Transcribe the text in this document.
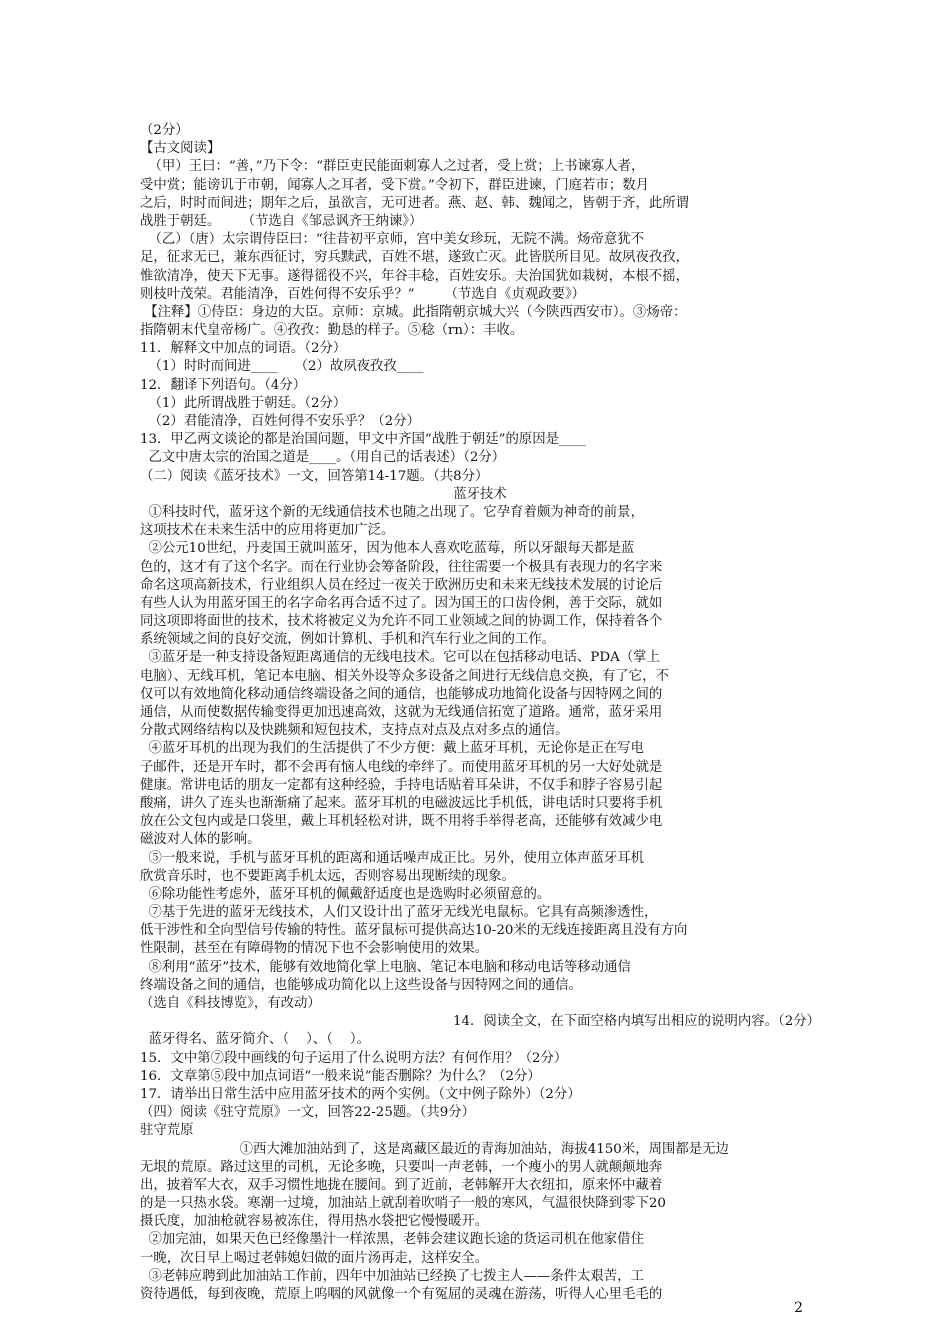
（2分）
【古文阅读】
（甲）王曰：“善，”乃下令：“群臣吏民能面刺寡人之过者，受上赏；上书谏寡人者，
受中赏；能谤讥于市朝，闻寡人之耳者，受下赏。”令初下，群臣进谏，门庭若市；数月
之后，时时而间进；期年之后，虽欲言，无可进者。燕、赵、韩、魏闻之，皆朝于齐，此所谓
战胜于朝廷。     （节选自《邹忌讽齐王纳谏》）
（乙）（唐）太宗谓侍臣曰：“往昔初平京师，宫中美女珍玩，无院不满。炀帝意犹不
足，征求无已，兼东西征讨，穷兵黩武，百姓不堪，遂致亡灭。此皆朕所目见。故夙夜孜孜，
惟欲清净，使天下无事。遂得徭役不兴，年谷丰稔，百姓安乐。夫治国犹如栽树，本根不摇，
则枝叶茂荣。君能清净，百姓何得不安乐乎？”       （节选自《贞观政要》）
【注释】①侍臣：身边的大臣。京师：京城。此指隋朝京城大兴（今陕西西安市）。③炀帝：
指隋朝末代皇帝杨广。④孜孜：勤恳的样子。⑤稔（rn）：丰收。
11．解释文中加点的词语。（2分）
（1）时时而间进____    （2）故夙夜孜孜____
12．翻译下列语句。（4分）
（1）此所谓战胜于朝廷。（2分）
（2）君能清净，百姓何得不安乐乎？（2分）
13．甲乙两文谈论的都是治国问题，甲文中齐国“战胜于朝廷”的原因是____
乙文中唐太宗的治国之道是____。（用自己的话表述）（2分）
（二）阅读《蓝牙技术》一文，回答第14-17题。（共8分）
蓝牙技术
①科技时代，蓝牙这个新的无线通信技术也随之出现了。它孕育着颇为神奇的前景，
这项技术在未来生活中的应用将更加广泛。
②公元10世纪，丹麦国王就叫蓝牙，因为他本人喜欢吃蓝莓，所以牙龈每天都是蓝
色的，这才有了这个名字。而在行业协会筹备阶段，往往需要一个极具有表现力的名字来
命名这项高新技术，行业组织人员在经过一夜关于欧洲历史和未来无线技术发展的讨论后
有些人认为用蓝牙国王的名字命名再合适不过了。因为国王的口齿伶俐，善于交际，就如
同这项即将面世的技术，技术将被定义为允许不同工业领域之间的协调工作，保持着各个
系统领域之间的良好交流，例如计算机、手机和汽车行业之间的工作。
③蓝牙是一种支持设备短距离通信的无线电技术。它可以在包括移动电话、PDA（掌上
电脑）、无线耳机，笔记本电脑、相关外设等众多设备之间进行无线信息交换，有了它，不
仅可以有效地简化移动通信终端设备之间的通信，也能够成功地简化设备与因特网之间的
通信，从而使数据传输变得更加迅速高效，这就为无线通信拓宽了道路。通常，蓝牙采用
分散式网络结构以及快跳频和短包技术，支持点对点及点对多点的通信。
④蓝牙耳机的出现为我们的生活提供了不少方便：戴上蓝牙耳机，无论你是正在写电
子邮件，还是开车时，都不会再有恼人电线的牵绊了。而使用蓝牙耳机的另一大好处就是
健康。常讲电话的朋友一定都有这种经验，手持电话贴着耳朵讲，不仅手和脖子容易引起
酸痛，讲久了连头也渐渐痛了起来。蓝牙耳机的电磁波远比手机低，讲电话时只要将手机
放在公文包内或是口袋里，戴上耳机轻松对讲，既不用将手举得老高，还能够有效减少电
磁波对人体的影响。
⑤一般来说，手机与蓝牙耳机的距离和通话噪声成正比。另外，使用立体声蓝牙耳机
欣赏音乐时，也不要距离手机太远，否则容易出现断续的现象。
⑥除功能性考虑外，蓝牙耳机的佩戴舒适度也是选购时必须留意的。
⑦基于先进的蓝牙无线技术，人们又设计出了蓝牙无线光电鼠标。它具有高频渗透性，
低干涉性和全向型信号传输的特性。蓝牙鼠标可提供高达10-20米的无线连接距离且没有方向
性限制，甚至在有障碍物的情况下也不会影响使用的效果。
⑧利用“蓝牙”技术，能够有效地简化掌上电脑、笔记本电脑和移动电话等移动通信
终端设备之间的通信，也能够成功简化以上这些设备与因特网之间的通信。
（选自《科技博览》，有改动）
14．阅读全文，在下面空格内填写出相应的说明内容。（2分）
蓝牙得名、蓝牙简介、（    ）、（    ）。
15．文中第⑦段中画线的句子运用了什么说明方法？有何作用？（2分）
16．文章第⑤段中加点词语“一般来说”能否删除？为什么？（2分）
17．请举出日常生活中应用蓝牙技术的两个实例。（文中例子除外）（2分）
（四）阅读《驻守荒原》一文，回答22-25题。（共9分）
驻守荒原
①西大滩加油站到了，这是离藏区最近的青海加油站，海拔4150米，周围都是无边
无垠的荒原。路过这里的司机，无论多晚，只要叫一声老韩，一个瘦小的男人就颠颠地奔
出，披着军大衣，双手习惯性地拢在腰间。到了近前，老韩解开大衣纽扣，原来怀中藏着
的是一只热水袋。寒潮一过境，加油站上就刮着吹哨子一般的寒风，气温很快降到零下20
摄氏度，加油枪就容易被冻住，得用热水袋把它慢慢暖开。
②加完油，如果天色已经像墨汁一样浓黑，老韩会建议跑长途的货运司机在他家借住
一晚，次日早上喝过老韩媳妇做的面片汤再走，这样安全。
③老韩应聘到此加油站工作前，四年中加油站已经换了七拨主人——条件太艰苦，工
资待遇低，每到夜晚，荒原上呜咽的风就像一个有冤屈的灵魂在游荡，听得人心里毛毛的
2
